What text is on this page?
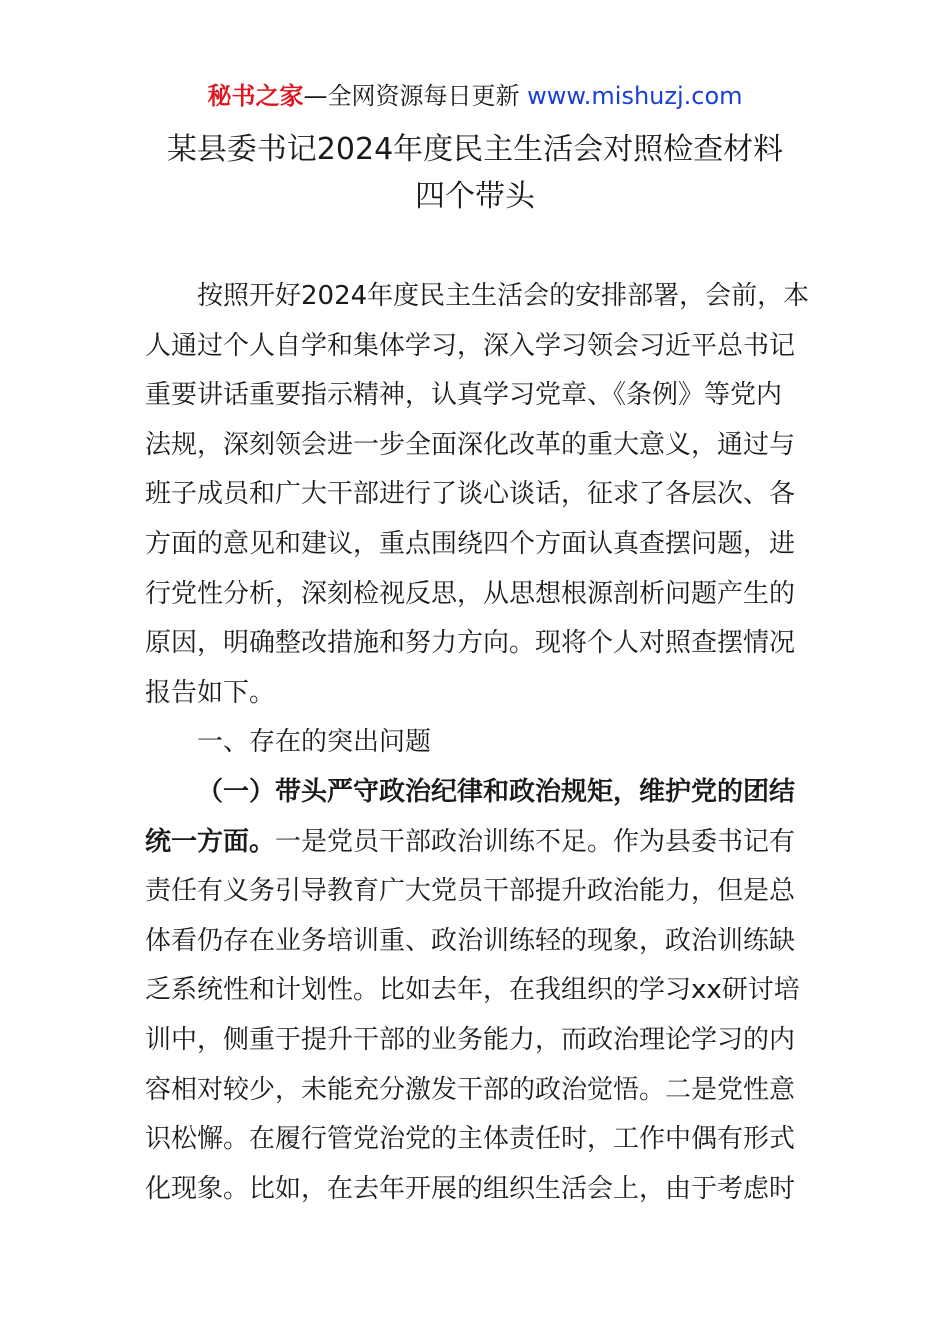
秘书之家—全网资源每日更新 www.mishuzj.com
某县委书记2024年度民主生活会对照检查材料
四个带头
按照开好2024年度民主生活会的安排部署，会前，本
人通过个人自学和集体学习，深入学习领会习近平总书记
重要讲话重要指示精神，认真学习党章、《条例》等党内
法规，深刻领会进一步全面深化改革的重大意义，通过与
班子成员和广大干部进行了谈心谈话，征求了各层次、各
方面的意见和建议，重点围绕四个方面认真查摆问题，进
行党性分析，深刻检视反思，从思想根源剖析问题产生的
原因，明确整改措施和努力方向。现将个人对照查摆情况
报告如下。
一、存在的突出问题
（一）带头严守政治纪律和政治规矩，维护党的团结
统一方面。一是党员干部政治训练不足。作为县委书记有
责任有义务引导教育广大党员干部提升政治能力，但是总
体看仍存在业务培训重、政治训练轻的现象，政治训练缺
乏系统性和计划性。比如去年，在我组织的学习xx研讨培
训中，侧重于提升干部的业务能力，而政治理论学习的内
容相对较少，未能充分激发干部的政治觉悟。二是党性意
识松懈。在履行管党治党的主体责任时，工作中偶有形式
化现象。比如，在去年开展的组织生活会上，由于考虑时
